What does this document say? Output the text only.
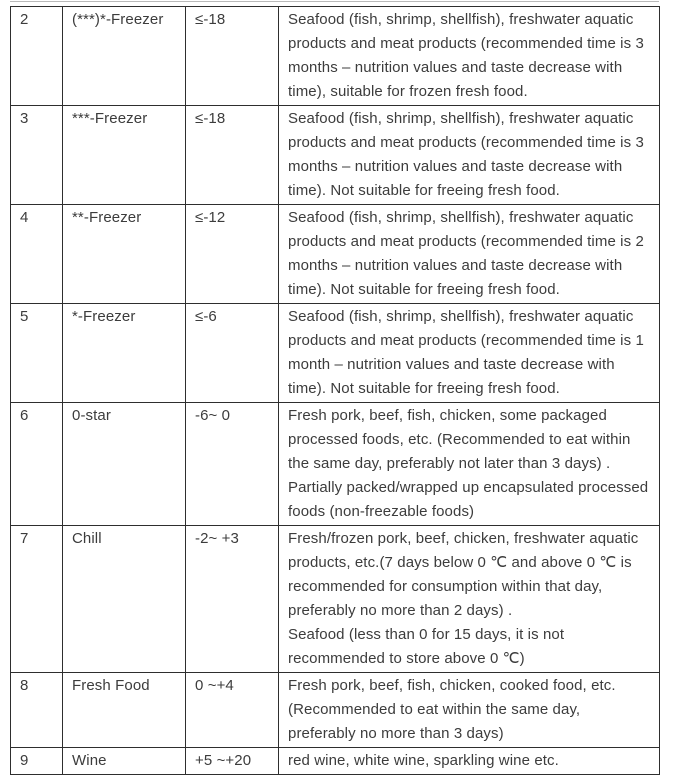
2	(***)*-Freezer	≤-18	Seafood (fish, shrimp, shellfish), freshwater aquatic products and meat products (recommended time is 3 months – nutrition values and taste decrease with time), suitable for frozen fresh food.

3	***-Freezer	≤-18	Seafood (fish, shrimp, shellfish), freshwater aquatic products and meat products (recommended time is 3 months – nutrition values and taste decrease with time). Not suitable for freeing fresh food.

4	**-Freezer	≤-12	Seafood (fish, shrimp, shellfish), freshwater aquatic products and meat products (recommended time is 2 months – nutrition values and taste decrease with time). Not suitable for freeing fresh food.

5	*-Freezer	≤-6	Seafood (fish, shrimp, shellfish), freshwater aquatic products and meat products (recommended time is 1 month – nutrition values and taste decrease with time). Not suitable for freeing fresh food.

6	0-star	-6~ 0	Fresh pork, beef, fish, chicken, some packaged processed foods, etc. (Recommended to eat within the same day, preferably not later than 3 days) .
Partially packed/wrapped up encapsulated processed foods (non-freezable foods)

7	Chill	-2~ +3	Fresh/frozen pork, beef, chicken, freshwater aquatic products, etc.(7 days below 0 ℃ and above 0 ℃ is recommended for consumption within that day, preferably no more than 2 days) .
Seafood (less than 0 for 15 days, it is not recommended to store above 0 ℃)

8	Fresh Food	0 ~+4	Fresh pork, beef, fish, chicken, cooked food, etc. (Recommended to eat within the same day, preferably no more than 3 days)

9	Wine	+5 ~+20	red wine, white wine, sparkling wine etc.
